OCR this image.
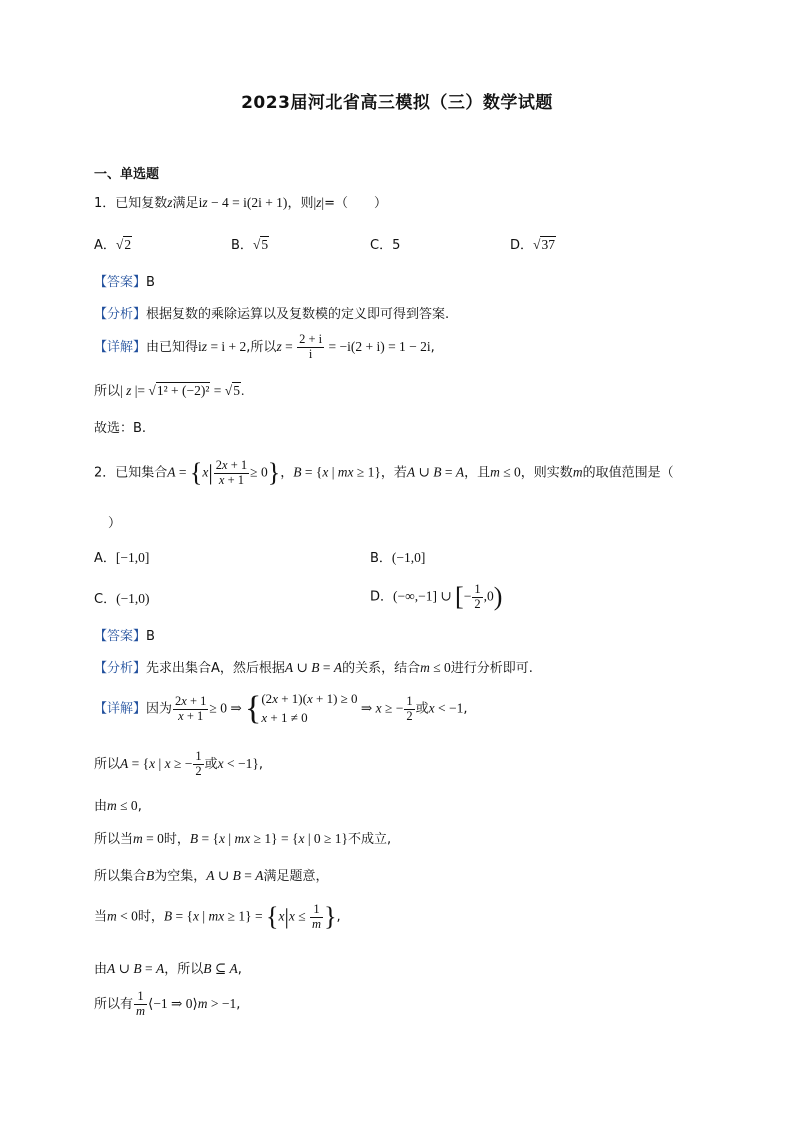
2023届河北省高三模拟（三）数学试题
一、单选题
1．已知复数z满足iz − 4 = i(2i + 1)，则|z|=（　　）
A．√2	B．√5	C．5	D．√37
【答案】B
【分析】根据复数的乘除运算以及复数模的定义即可得到答案.
【详解】由已知得iz = i + 2,所以$z = \frac{2 + i}{i} = -i(2 + i) = 1 - 2i$,
所以| z |= √1² + (−2)² = √5.
故选：B.
2．已知集合$A = \{x| \frac{2x + 1}{x + 1} \ge 0\}$，B = {x | mx ≥ 1}，若A ∪ B = A，且m ≤ 0，则实数m的取值范围是（
）
A．[−1,0]	B．(−1,0]
C．(−1,0)	D．(−∞,−1] ∪ [− $\frac{1}{2} ,0$)
【答案】B
【分析】先求出集合A，然后根据A ∪ B = A的关系，结合m ≤ 0进行分析即可.
【详解】因为 $\frac{2x + 1}{x + 1} \ge 0$ ⇒ {(2x + 1)(x + 1) ≥ 0
x + 1 ≠ 0 ⇒ x ≥ − $\frac{1}{2}$ 或x < −1,
所以A = {x | x ≥ − $\frac{1}{2}$ 或x < −1},
由m ≤ 0,
所以当m = 0时，B = {x | mx ≥ 1} = {x | 0 ≥ 1}不成立,
所以集合B为空集，A ∪ B = A满足题意，
当m < 0时，B = {x | mx ≥ $1\} = \{x|x \le \frac{1}{m}$ },
由A ∪ B = A，所以B ⊆ A,
所以有 $\frac{1}{m}$ ⟨−1 ⇒ 0⟩m > −1,
